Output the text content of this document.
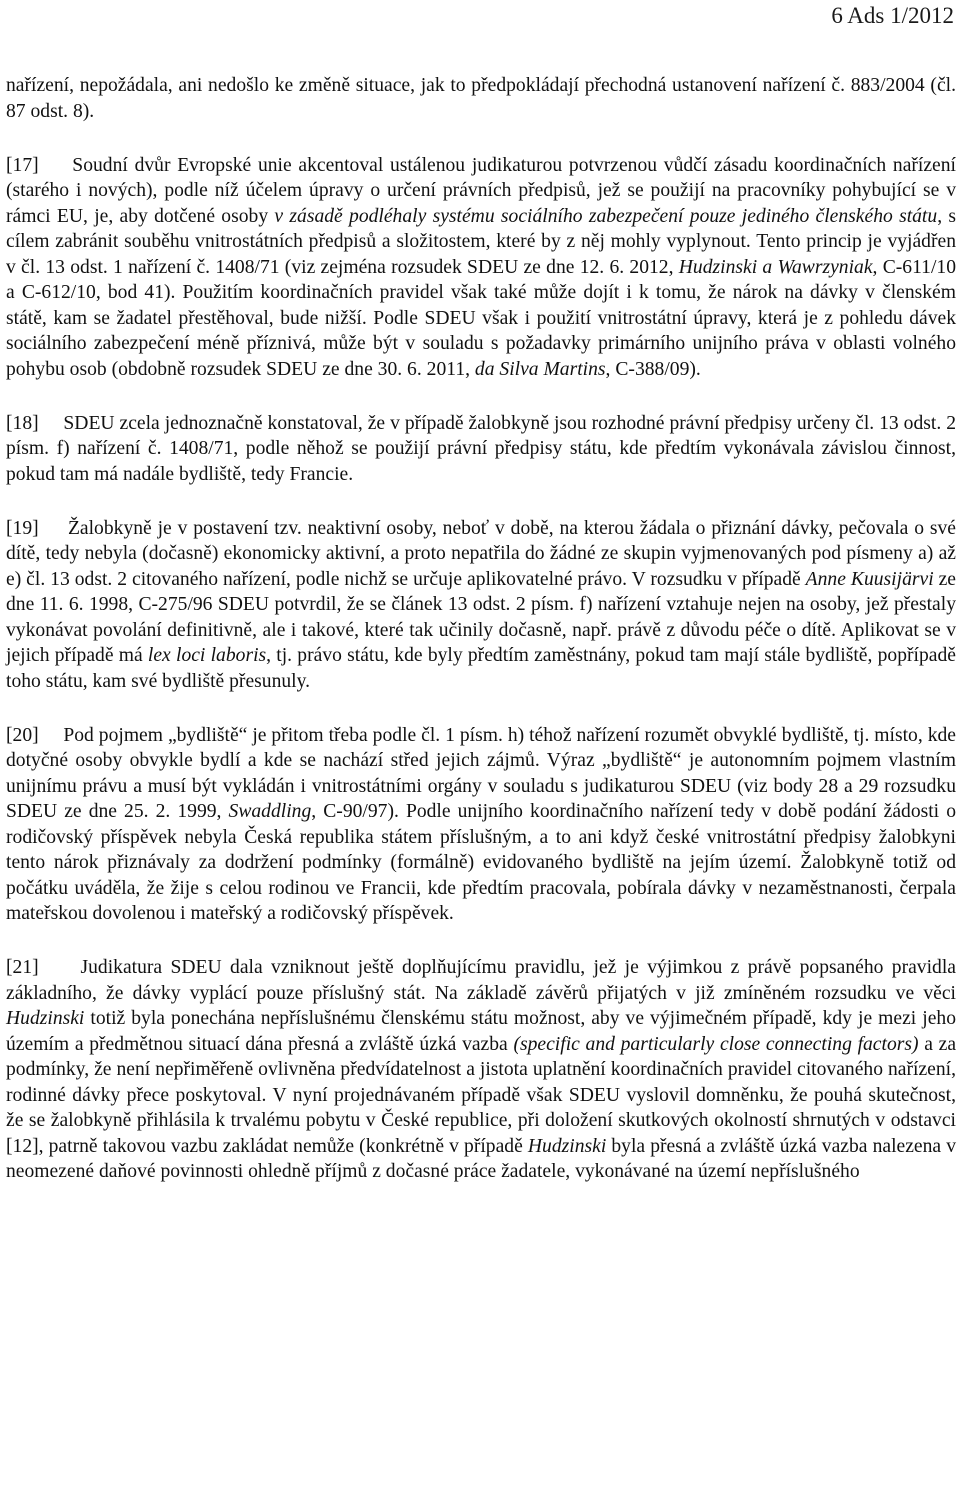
6 Ads 1/2012

nařízení, nepožádala, ani nedošlo ke změně situace, jak to předpokládají přechodná ustanovení nařízení č. 883/2004 (čl. 87 odst. 8).

[17]     Soudní dvůr Evropské unie akcentoval ustálenou judikaturou potvrzenou vůdčí zásadu koordinačních nařízení (starého i nových), podle níž účelem úpravy o určení právních předpisů, jež se použijí na pracovníky pohybující se v rámci EU, je, aby dotčené osoby v zásadě podléhaly systému sociálního zabezpečení pouze jediného členského státu, s cílem zabránit souběhu vnitrostátních předpisů a složitostem, které by z něj mohly vyplynout. Tento princip je vyjádřen v čl. 13 odst. 1 nařízení č. 1408/71 (viz zejména rozsudek SDEU ze dne 12. 6. 2012, Hudzinski a Wawrzyniak, C-611/10 a C-612/10, bod 41). Použitím koordinačních pravidel však také může dojít i k tomu, že nárok na dávky v členském státě, kam se žadatel přestěhoval, bude nižší. Podle SDEU však i použití vnitrostátní úpravy, která je z pohledu dávek sociálního zabezpečení méně příznivá, může být v souladu s požadavky primárního unijního práva v oblasti volného pohybu osob (obdobně rozsudek SDEU ze dne 30. 6. 2011, da Silva Martins, C-388/09).

[18]     SDEU zcela jednoznačně konstatoval, že v případě žalobkyně jsou rozhodné právní předpisy určeny čl. 13 odst. 2 písm. f) nařízení č. 1408/71, podle něhož se použijí právní předpisy státu, kde předtím vykonávala závislou činnost, pokud tam má nadále bydliště, tedy Francie.

[19]     Žalobkyně je v postavení tzv. neaktivní osoby, neboť v době, na kterou žádala o přiznání dávky, pečovala o své dítě, tedy nebyla (dočasně) ekonomicky aktivní, a proto nepatřila do žádné ze skupin vyjmenovaných pod písmeny a) až e) čl. 13 odst. 2 citovaného nařízení, podle nichž se určuje aplikovatelné právo. V rozsudku v případě Anne Kuusijärvi ze dne 11. 6. 1998, C-275/96 SDEU potvrdil, že se článek 13 odst. 2 písm. f) nařízení vztahuje nejen na osoby, jež přestaly vykonávat povolání definitivně, ale i takové, které tak učinily dočasně, např. právě z důvodu péče o dítě. Aplikovat se v jejich případě má lex loci laboris, tj. právo státu, kde byly předtím zaměstnány, pokud tam mají stále bydliště, popřípadě toho státu, kam své bydliště přesunuly.

[20]     Pod pojmem „bydliště“ je přitom třeba podle čl. 1 písm. h) téhož nařízení rozumět obvyklé bydliště, tj. místo, kde dotyčné osoby obvykle bydlí a kde se nachází střed jejich zájmů. Výraz „bydliště“ je autonomním pojmem vlastním unijnímu právu a musí být vykládán i vnitrostátními orgány v souladu s judikaturou SDEU (viz body 28 a 29 rozsudku SDEU ze dne 25. 2. 1999, Swaddling, C-90/97). Podle unijního koordinačního nařízení tedy v době podání žádosti o rodičovský příspěvek nebyla Česká republika státem příslušným, a to ani když české vnitrostátní předpisy žalobkyni tento nárok přiznávaly za dodržení podmínky (formálně) evidovaného bydliště na jejím území. Žalobkyně totiž od počátku uváděla, že žije s celou rodinou ve Francii, kde předtím pracovala, pobírala dávky v nezaměstnanosti, čerpala mateřskou dovolenou i mateřský a rodičovský příspěvek.

[21]     Judikatura SDEU dala vzniknout ještě doplňujícímu pravidlu, jež je výjimkou z právě popsaného pravidla základního, že dávky vyplácí pouze příslušný stát. Na základě závěrů přijatých v již zmíněném rozsudku ve věci Hudzinski totiž byla ponechána nepříslušnému členskému státu možnost, aby ve výjimečném případě, kdy je mezi jeho územím a předmětnou situací dána přesná a zvláště úzká vazba (specific and particularly close connecting factors) a za podmínky, že není nepřiměřeně ovlivněna předvídatelnost a jistota uplatnění koordinačních pravidel citovaného nařízení, rodinné dávky přece poskytoval. V nyní projednávaném případě však SDEU vyslovil domněnku, že pouhá skutečnost, že se žalobkyně přihlásila k trvalému pobytu v České republice, při doložení skutkových okolností shrnutých v odstavci [12], patrně takovou vazbu zakládat nemůže (konkrétně v případě Hudzinski byla přesná a zvláště úzká vazba nalezena v neomezené daňové povinnosti ohledně příjmů z dočasné práce žadatele, vykonávané na území nepříslušného
